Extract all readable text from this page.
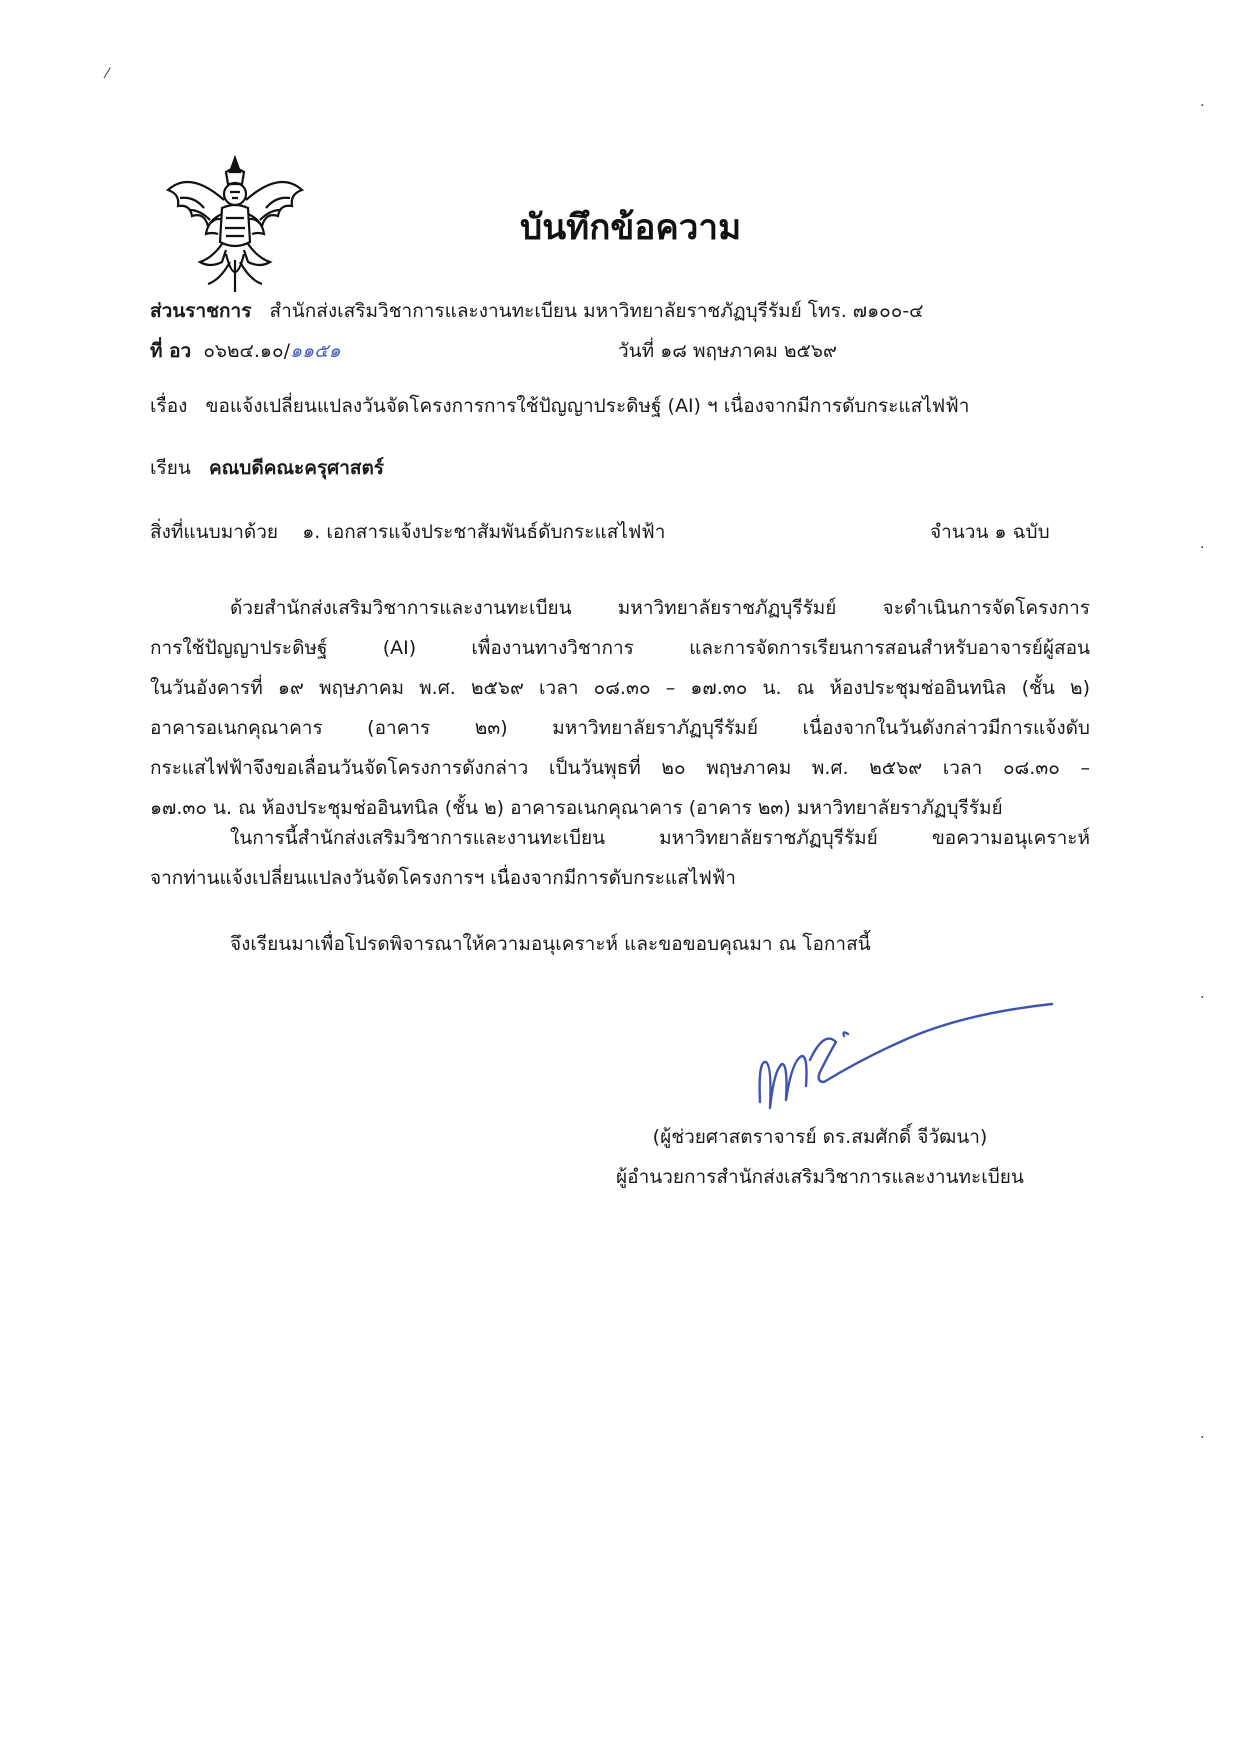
บันทึกข้อความ
ส่วนราชการ สำนักส่งเสริมวิชาการและงานทะเบียน มหาวิทยาลัยราชภัฏบุรีรัมย์ โทร. ๗๑๐๐-๔
ที่ อว ๐๖๒๔.๑๐/๑๑๕๑	วันที่ ๑๘ พฤษภาคม ๒๕๖๙
เรื่อง ขอแจ้งเปลี่ยนแปลงวันจัดโครงการการใช้ปัญญาประดิษฐ์ (AI) ฯ เนื่องจากมีการดับกระแสไฟฟ้า
เรียน คณบดีคณะครุศาสตร์
สิ่งที่แนบมาด้วย ๑. เอกสารแจ้งประชาสัมพันธ์ดับกระแสไฟฟ้า	จำนวน ๑ ฉบับ
ด้วยสำนักส่งเสริมวิชาการและงานทะเบียน มหาวิทยาลัยราชภัฏบุรีรัมย์ จะดำเนินการจัดโครงการ
การใช้ปัญญาประดิษฐ์ (AI) เพื่องานทางวิชาการ และการจัดการเรียนการสอนสำหรับอาจารย์ผู้สอน
ในวันอังคารที่ ๑๙ พฤษภาคม พ.ศ. ๒๕๖๙ เวลา ๐๘.๓๐ – ๑๗.๓๐ น. ณ ห้องประชุมช่ออินทนิล (ชั้น ๒)
อาคารอเนกคุณาคาร (อาคาร ๒๓) มหาวิทยาลัยราภัฏบุรีรัมย์ เนื่องจากในวันดังกล่าวมีการแจ้งดับ
กระแสไฟฟ้าจึงขอเลื่อนวันจัดโครงการดังกล่าว เป็นวันพุธที่ ๒๐ พฤษภาคม พ.ศ. ๒๕๖๙ เวลา ๐๘.๓๐ –
๑๗.๓๐ น. ณ ห้องประชุมช่ออินทนิล (ชั้น ๒) อาคารอเนกคุณาคาร (อาคาร ๒๓) มหาวิทยาลัยราภัฏบุรีรัมย์
ในการนี้สำนักส่งเสริมวิชาการและงานทะเบียน มหาวิทยาลัยราชภัฏบุรีรัมย์ ขอความอนุเคราะห์
จากท่านแจ้งเปลี่ยนแปลงวันจัดโครงการฯ เนื่องจากมีการดับกระแสไฟฟ้า
จึงเรียนมาเพื่อโปรดพิจารณาให้ความอนุเคราะห์ และขอขอบคุณมา ณ โอกาสนี้
(ผู้ช่วยศาสตราจารย์ ดร.สมศักดิ์ จีวัฒนา)
ผู้อำนวยการสำนักส่งเสริมวิชาการและงานทะเบียน
⁄
·
·
·
·
